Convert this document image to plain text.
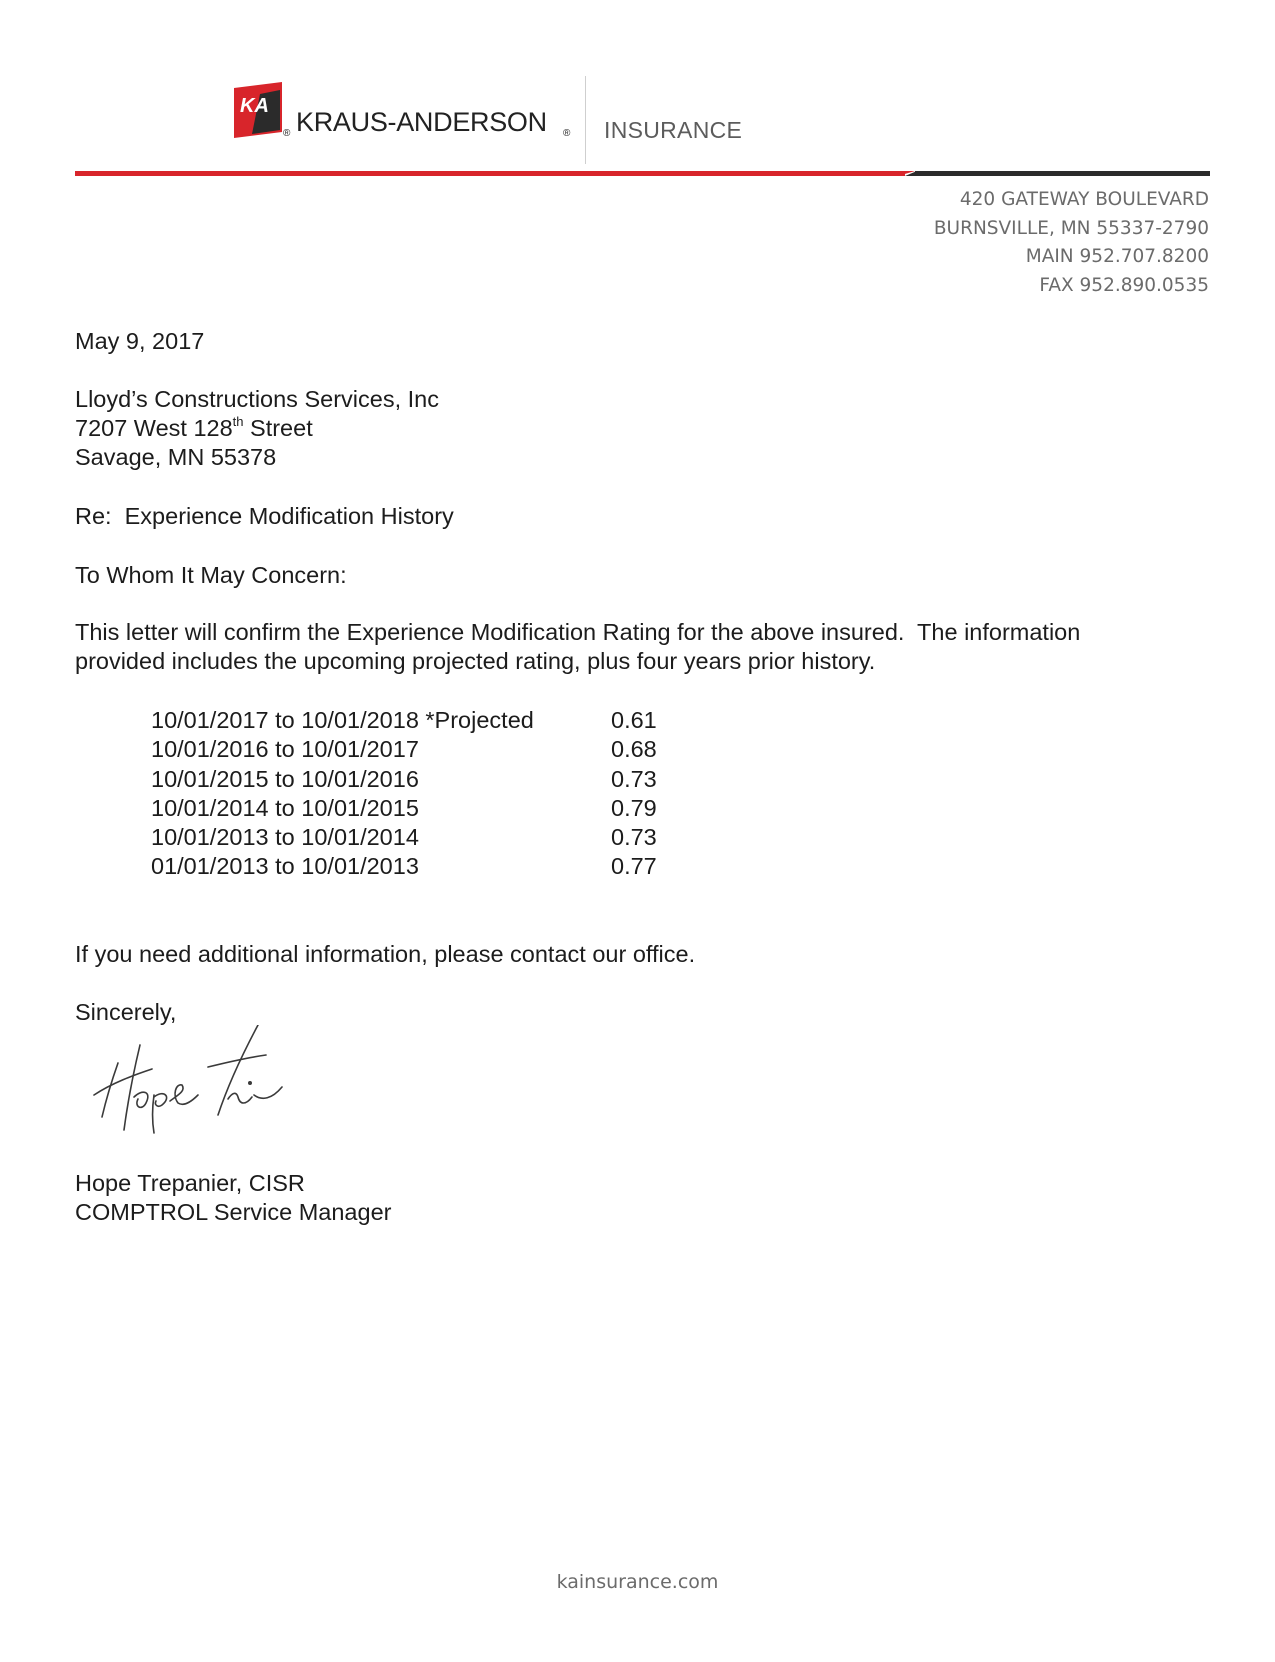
KA
® KRAUS-ANDERSON ® INSURANCE
420 GATEWAY BOULEVARD
BURNSVILLE, MN 55337-2790
MAIN 952.707.8200
FAX 952.890.0535
May 9, 2017
Lloyd’s Constructions Services, Inc
7207 West 128th Street
Savage, MN 55378
Re:  Experience Modification History
To Whom It May Concern:
This letter will confirm the Experience Modification Rating for the above insured.  The information
provided includes the upcoming projected rating, plus four years prior history.
10/01/2017 to 10/01/2018 *Projected	0.61
10/01/2016 to 10/01/2017	0.68
10/01/2015 to 10/01/2016	0.73
10/01/2014 to 10/01/2015	0.79
10/01/2013 to 10/01/2014	0.73
01/01/2013 to 10/01/2013	0.77
If you need additional information, please contact our office.
Sincerely,
Hope Trepanier, CISR
COMPTROL Service Manager
kainsurance.com
